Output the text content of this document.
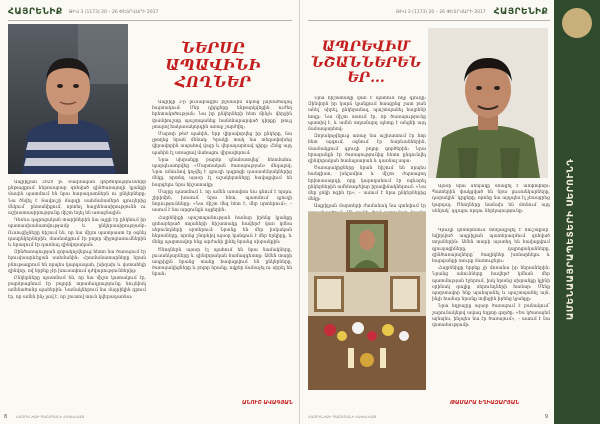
ՀԱՅՐԵՆԻՔ ԹԻՎ 3 (1173) 20 – 26 ՓԵՏՐՎԱՐԻ 2017
ՆԵՐՍԸ
ԱՊԱՎԻՆԻ ՀՈՂՆԵՐ

Ապրիլյան 2020 թ. ռազմական գործողությունների ընթացքում հերոսաբար զոհված զինծառայողի կյանքի մասին պատմում են նրա հարազատներն ու ընկերները։ Նա ծնվել է Տավուշի մարզի սահմանամերձ գյուղերից մեկում՝ ընտանիքում, որտեղ հայրենասիրությունն ու աշխատասիրությունը միշտ եղել են առաջնային։

Դեռևս դպրոցական տարիներին նա աչքի էր ընկնում իր պատասխանատվությամբ և ընկերասիրությամբ։ Ուսուցիչները հիշում են, որ նա միշտ պատրաստ էր օգնել դասընկերներին, մասնակցում էր բոլոր միջոցառումներին և երազում էր դառնալ զինվորական։

Զինծառայության զորակոչվելուց հետո նա ծառայում էր հյուսիսարևելյան սահմանին։ Հրամանատարները նրան բնութագրում են որպես կարգապահ, խիզախ և վստահելի զինվոր, ով երբեք չէր խուսափում դժվարություններից։

Ընկերները պատմում են, որ նա միշտ կատակում էր, բարձրացնում էր բոլորի տրամադրությունը նույնիսկ ամենածանր պահերին։ Նամակներում նա մայրիկին գրում էր, որ ամեն ինչ լավ է, որ շուտով տուն կվերադառնա։

Ապրիլի 2-ի լուսաբացին թշնամին սկսեց լայնածավալ հարձակում։ Մեր դիրքերը ենթարկվեցին ուժեղ հրետակոծության։ Նա իր ընկերների հետ մինչև վերջին փամփուշտը պաշտպանեց հանձնարարված դիրքը՝ թույլ չտալով հակառակորդին առաջ շարժվել։

Մարտի թեժ պահին, երբ վիրավորվեց իր ընկերը, նա չթողեց նրան մենակ։ Կրակի տակ նա տեղափոխեց վիրավորին ապահով վայր և վերադարձավ դիրք։ Հենց այդ պահին էլ ստացավ մահացու վիրավորում։

Նրա սխրանքը բարձր գնահատվեց՝ հետմահու պարգևատրվեց «Մարտական ծառայության» մեդալով։ Նրա անունով կոչվել է գյուղի դպրոցի դասասենյակներից մեկը, որտեղ այսօր էլ աշակերտները հավաքվում են հարգելու նրա հիշատակը։

Մայրը պատմում է, որ ամեն առավոտ նա գնում է որդու շիրիմին, խոսում նրա հետ, պատմում գյուղի նորությունները։ «Նա միշտ մեզ հետ է, մեր սրտերում», – ասում է նա արցունքն աչքերին։

Հայրենիքի պաշտպանության համար իրենց կյանքը զոհաբերած տղաների հիշատակը հավերժ վառ կմնա սերունդների սրտերում։ Նրանք են մեր իսկական հերոսները, որոնց շնորհիվ այսօր կանգուն է մեր երկիրը, և մենք պարտավոր ենք արժանի լինել նրանց սխրանքին։

Ծնողներն այսօր էլ պահում են նրա նամակները, լուսանկարները և զինվորական համազգեստը։ Ամեն տարի ապրիլին նրանց տանը հավաքվում են ընկերները, ծառայակիցները և բոլոր նրանք, ովքեր ճանաչել ու սիրել են նրան։

ԱՆՈՒՇ ԱՎԱԳՅԱՆ
ՀԱՅՐԵՆԻՔԻ ՊԱՇՏՊԱՆԻ ՀԱՎԵԼՎԱԾ
8
ԹԻՎ 3 (1173) 20 – 26 ՓԵՏՐՎԱՐԻ 2017 ՀԱՅՐԵՆԻՔ
ԱՊՐԵՎԻՄ
ՆՇԱՆՆԵՐԵՆ ԵՐ...

Նրա հիշատակը վառ է պահում ողջ գյուղը։ Զինվորն իր կարճ կյանքում հասցրեց շատ բան անել՝ սիրել, ընկերանալ, պաշտպանել հայրենի հողը։ Նա միշտ ասում էր, որ ծառայությունը պատիվ է, և ամեն տղամարդ պետք է անցնի այդ ճանապարհով։

Զորակոչվելուց առաջ նա աշխատում էր հոր հետ այգում, օգնում էր հարևաններին, մասնակցում գյուղի բոլոր գործերին։ Նրա երազանքն էր ծառայությունից հետո ընդունվել զինվորական համալսարան և դառնալ սպա։

Ծառայակիցները նրան հիշում են որպես հանգիստ, խելամիտ և միշտ ժպտացող երիտասարդի, որը կարողանում էր ոգևորել ընկերներին ամենադժվար իրավիճակներում։ «Նա մեր ջոկի ոգին էր», – ասում է նրա ընկերներից մեկը։

Ապրիլյան մարտերի ժամանակ նա գտնվում էր

Այսօր նրա սենյակը մնացել է անփոփոխ։ Պատերին փակցված են նրա լուսանկարները, դարակին՝ գրքերը, որոնք նա այդպես էլ չհասցրեց կարդալ։ Ծնողները հաճախ են մտնում այդ սենյակ՝ զգալու որդու ներկայությունը։

Գյուղի կենտրոնում տեղադրվել է հուշաքար՝ նվիրված ապրիլյան պատերազմում զոհված տղաներին։ Ամեն տարի այստեղ են հավաքվում գյուղացիները, դպրոցականները, զինծառայողները՝ ծաղիկներ խոնարհելու և հարգանքի տուրք մատուցելու։

Հայրենիքը երբեք չի մոռանա իր հերոսներին։ Նրանց անունները հավերժ կմնան մեր պատմության էջերում, իսկ նրանց սխրանքը կլինի օրինակ գալիք սերունդների համար։ Մենք պարտավոր ենք պահպանել և պաշտպանել այն, ինչի համար նրանք տվեցին իրենց կյանքը։

Նրա եղբայրը այսօր ծառայում է բանակում՝ շարունակելով ավագ եղբոր գործը։ «Ես կծառայեմ այնպես, ինչպես նա էր ծառայում», – ասում է նա վստահությամբ։

ԹԱՄԱՐԱ ԵՂԻԱԶԱՐՅԱՆ
ՀԱՅՐԵՆԻՔԻ ՊԱՇՏՊԱՆԻ ՀԱՎԵԼՎԱԾ	9
ԱՄԵՆԱԱՅՐԱՊԵՏԵՐԻ ՍԵՐՈՒՆԴ
